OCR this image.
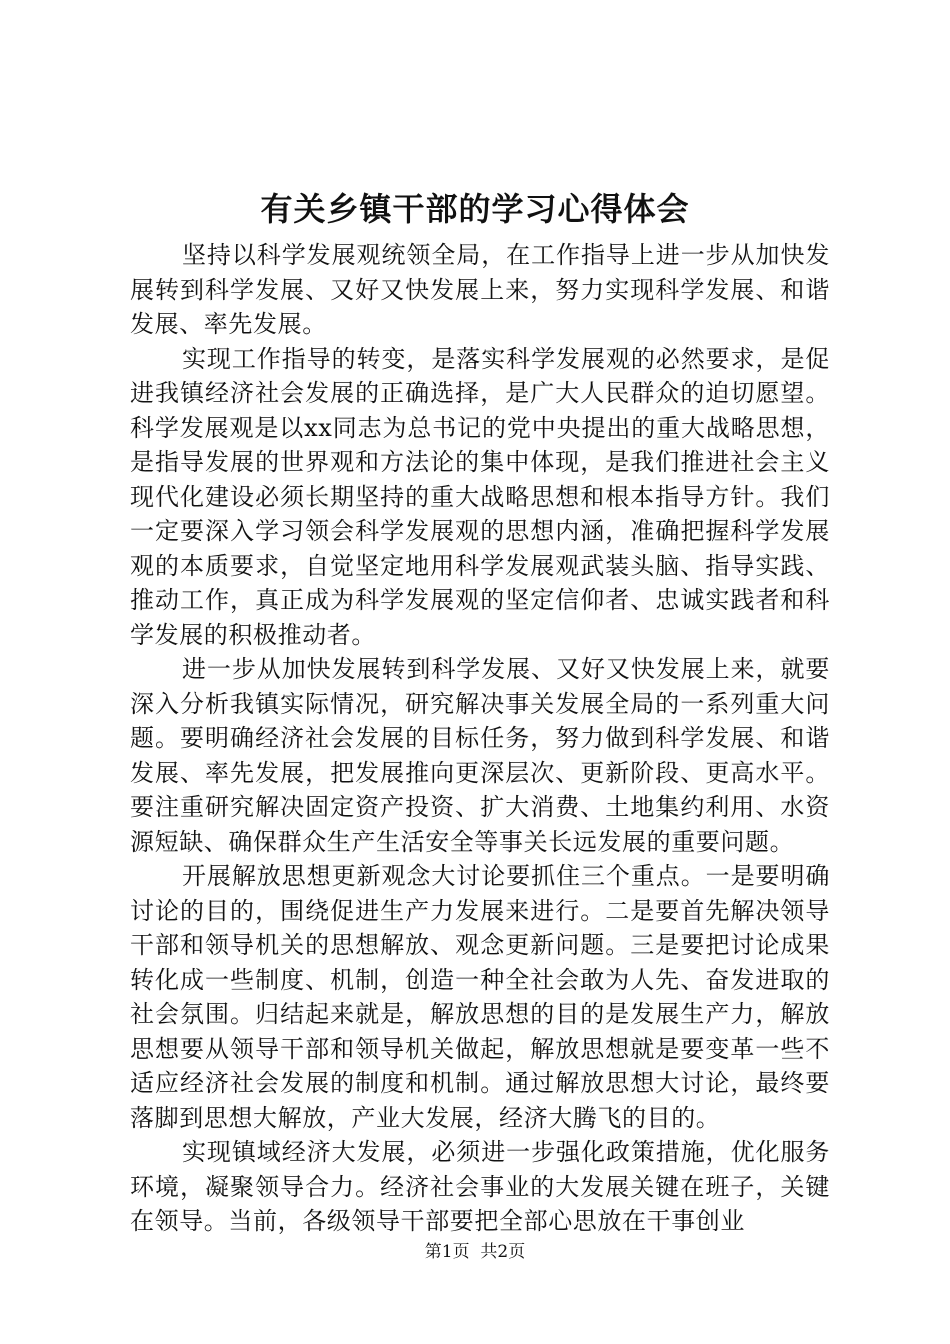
有关乡镇干部的学习心得体会

坚持以科学发展观统领全局，在工作指导上进一步从加快发展转到科学发展、又好又快发展上来，努力实现科学发展、和谐发展、率先发展。

实现工作指导的转变，是落实科学发展观的必然要求，是促进我镇经济社会发展的正确选择，是广大人民群众的迫切愿望。科学发展观是以xx同志为总书记的党中央提出的重大战略思想，是指导发展的世界观和方法论的集中体现，是我们推进社会主义现代化建设必须长期坚持的重大战略思想和根本指导方针。我们一定要深入学习领会科学发展观的思想内涵，准确把握科学发展观的本质要求，自觉坚定地用科学发展观武装头脑、指导实践、推动工作，真正成为科学发展观的坚定信仰者、忠诚实践者和科学发展的积极推动者。

进一步从加快发展转到科学发展、又好又快发展上来，就要深入分析我镇实际情况，研究解决事关发展全局的一系列重大问题。要明确经济社会发展的目标任务，努力做到科学发展、和谐发展、率先发展，把发展推向更深层次、更新阶段、更高水平。要注重研究解决固定资产投资、扩大消费、土地集约利用、水资源短缺、确保群众生产生活安全等事关长远发展的重要问题。

开展解放思想更新观念大讨论要抓住三个重点。一是要明确讨论的目的，围绕促进生产力发展来进行。二是要首先解决领导干部和领导机关的思想解放、观念更新问题。三是要把讨论成果转化成一些制度、机制，创造一种全社会敢为人先、奋发进取的社会氛围。归结起来就是，解放思想的目的是发展生产力，解放思想要从领导干部和领导机关做起，解放思想就是要变革一些不适应经济社会发展的制度和机制。通过解放思想大讨论，最终要落脚到思想大解放，产业大发展，经济大腾飞的目的。

实现镇域经济大发展，必须进一步强化政策措施，优化服务环境，凝聚领导合力。经济社会事业的大发展关键在班子，关键在领导。当前，各级领导干部要把全部心思放在干事创业

第1页 共2页
